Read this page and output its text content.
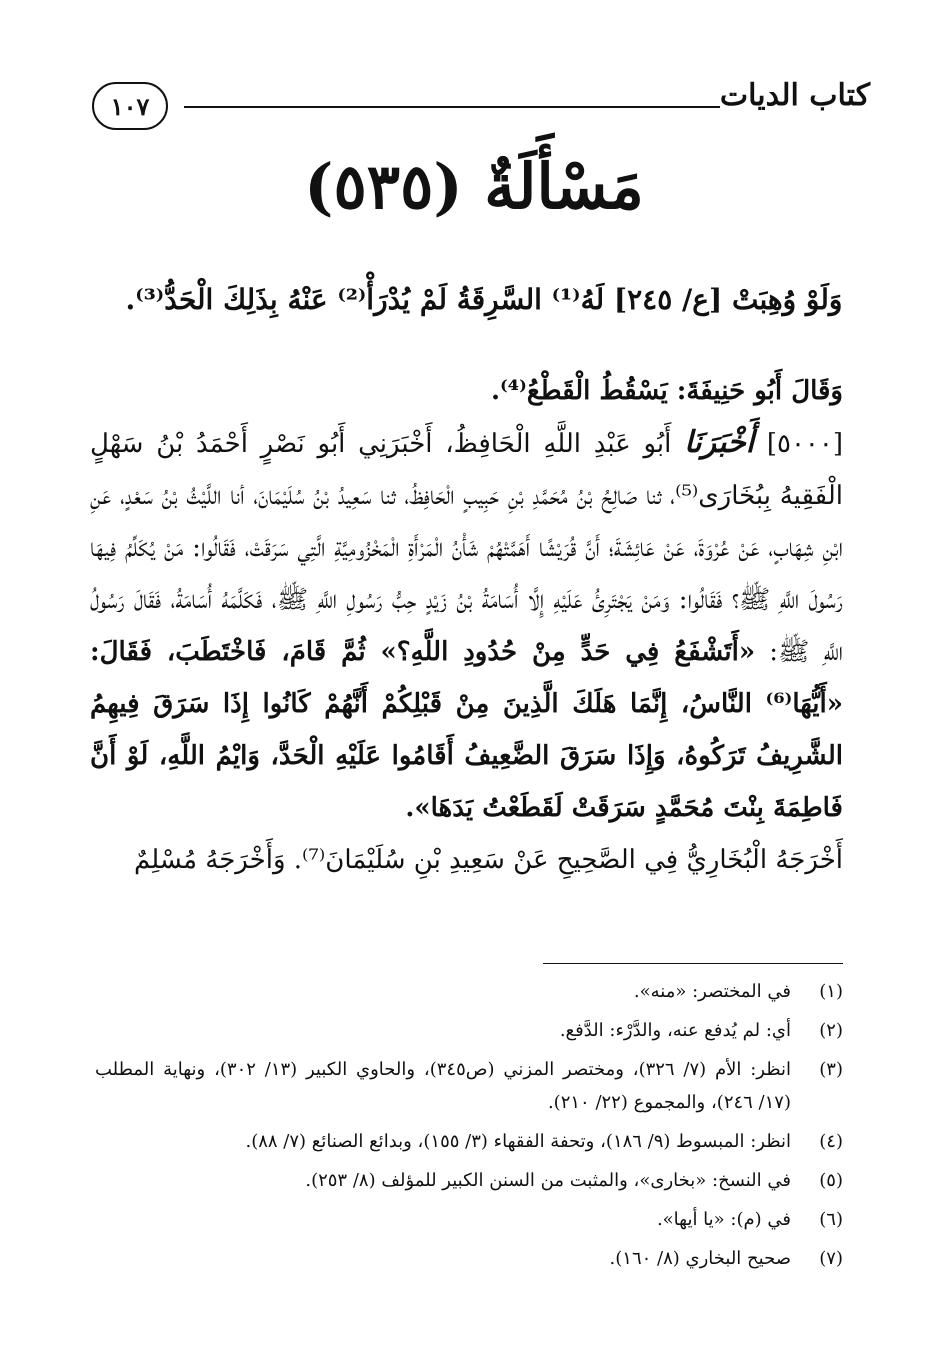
كتاب الديات
١٠٧
مَسْأَلَةٌ (٥٣٥)
وَلَوْ وُهِبَتْ [ع/ ٢٤٥] لَهُ⁽¹⁾ السَّرِقَةُ لَمْ يُدْرَأْ⁽²⁾ عَنْهُ بِذَلِكَ الْحَدُّ⁽³⁾.

وَقَالَ أَبُو حَنِيفَةَ: يَسْقُطُ الْقَطْعُ⁽⁴⁾.

[٥٠٠٠] أَخْبَرَنَا أَبُو عَبْدِ اللَّهِ الْحَافِظُ، أَخْبَرَنِي أَبُو نَصْرٍ أَحْمَدُ بْنُ سَهْلٍ الْفَقِيهُ بِبُخَارَى⁽⁵⁾، ثنا صَالِحُ بْنُ مُحَمَّدِ بْنِ حَبِيبٍ الْحَافِظُ، ثنا سَعِيدُ بْنُ سُلَيْمَانَ، أنا اللَّيْثُ بْنُ سَعْدٍ، عَنِ ابْنِ شِهَابٍ، عَنْ عُرْوَةَ، عَنْ عَائِشَةَ؛ أَنَّ قُرَيْشًا أَهَمَّتْهُمْ شَأْنُ الْمَرْأَةِ الْمَخْزُومِيَّةِ الَّتِي سَرَقَتْ، فَقَالُوا: مَنْ يُكَلِّمُ فِيهَا رَسُولَ اللَّهِ ﷺ؟ فَقَالُوا: وَمَنْ يَجْتَرِئُ عَلَيْهِ إِلَّا أُسَامَةُ بْنُ زَيْدٍ حِبُّ رَسُولِ اللَّهِ ﷺ، فَكَلَّمَهُ أُسَامَةُ، فَقَالَ رَسُولُ اللَّهِ ﷺ: «أَتَشْفَعُ فِي حَدٍّ مِنْ حُدُودِ اللَّهِ؟» ثُمَّ قَامَ، فَاخْتَطَبَ، فَقَالَ: «أَيُّهَا⁽⁶⁾ النَّاسُ، إِنَّمَا هَلَكَ الَّذِينَ مِنْ قَبْلِكُمْ أَنَّهُمْ كَانُوا إِذَا سَرَقَ فِيهِمُ الشَّرِيفُ تَرَكُوهُ، وَإِذَا سَرَقَ الضَّعِيفُ أَقَامُوا عَلَيْهِ الْحَدَّ، وَايْمُ اللَّهِ، لَوْ أَنَّ فَاطِمَةَ بِنْتَ مُحَمَّدٍ سَرَقَتْ لَقَطَعْتُ يَدَهَا».

أَخْرَجَهُ الْبُخَارِيُّ فِي الصَّحِيحِ عَنْ سَعِيدِ بْنِ سُلَيْمَانَ⁽⁷⁾. وَأَخْرَجَهُ مُسْلِمٌ

(١)
في المختصر: «منه».
(٢)
أي: لم يُدفع عنه، والدَّرْء: الدَّفع.
(٣)
انظر: الأم (٧/ ٣٢٦)، ومختصر المزني (ص٣٤٥)، والحاوي الكبير (١٣/ ٣٠٢)، ونهاية المطلب (١٧/ ٢٤٦)، والمجموع (٢٢/ ٢١٠).
(٤)
انظر: المبسوط (٩/ ١٨٦)، وتحفة الفقهاء (٣/ ١٥٥)، وبدائع الصنائع (٧/ ٨٨).
(٥)
في النسخ: «بخارى»، والمثبت من السنن الكبير للمؤلف (٨/ ٢٥٣).
(٦)
في (م): «يا أيها».
(٧)
صحيح البخاري (٨/ ١٦٠).
